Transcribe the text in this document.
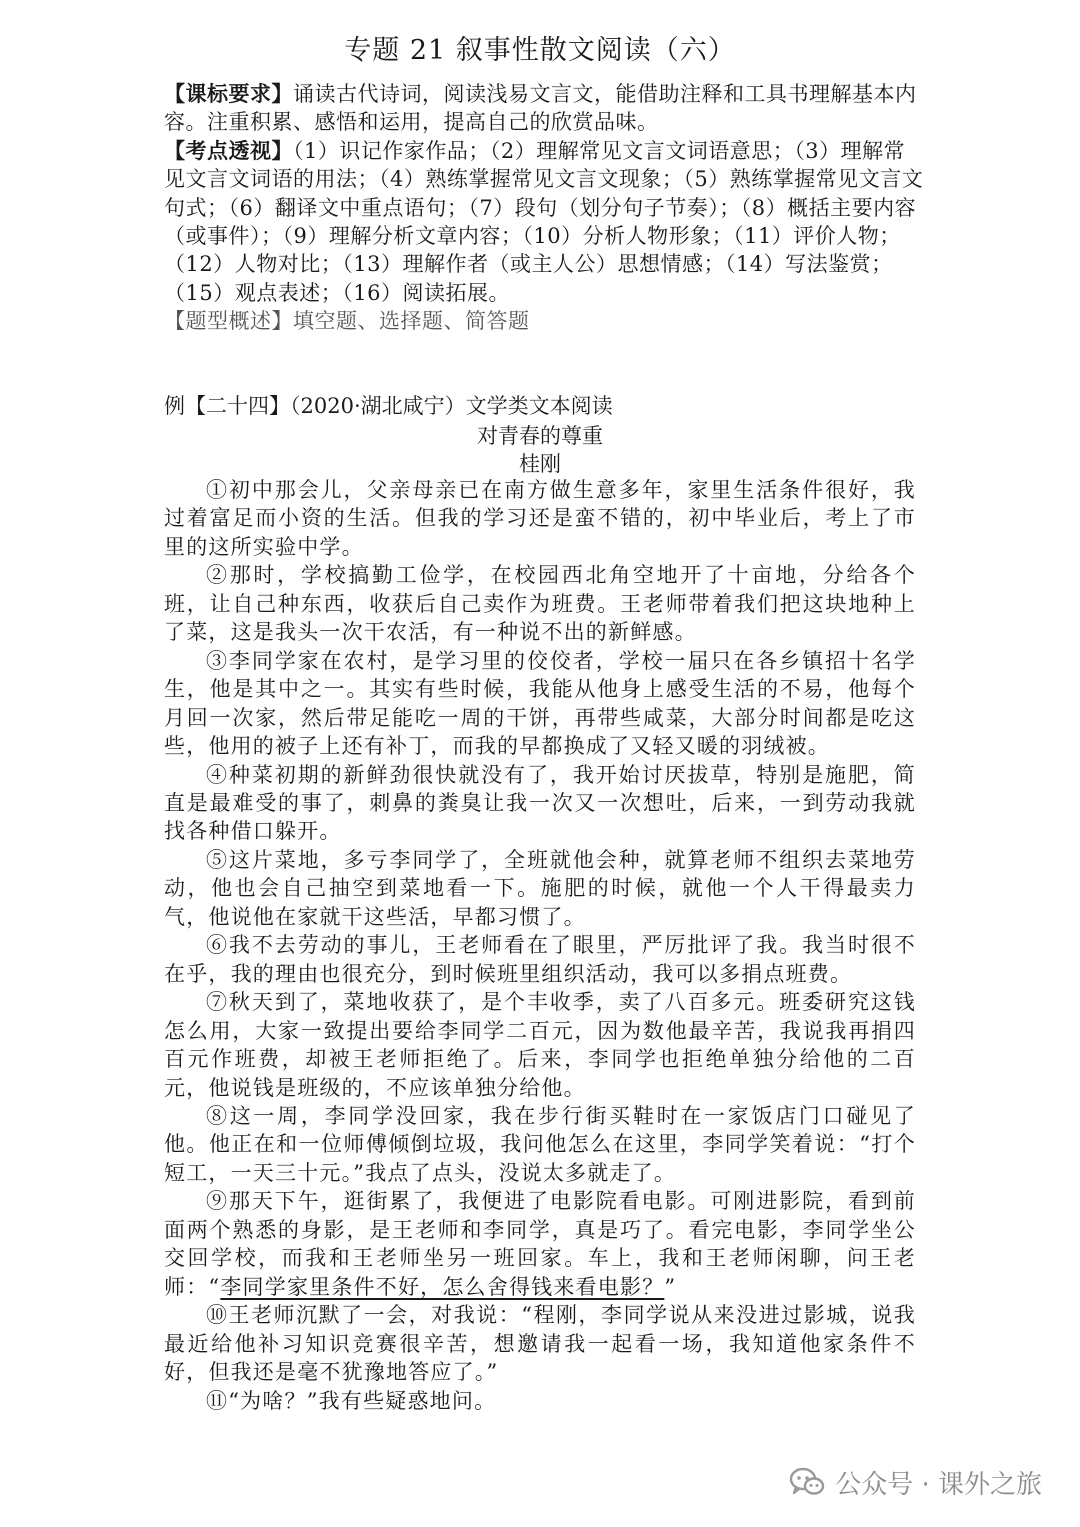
专题 21 叙事性散文阅读（六）

【课标要求】诵读古代诗词，阅读浅易文言文，能借助注释和工具书理解基本内容。注重积累、感悟和运用，提高自己的欣赏品味。

【考点透视】（1）识记作家作品；（2）理解常见文言文词语意思；（3）理解常见文言文词语的用法；（4）熟练掌握常见文言文现象；（5）熟练掌握常见文言文句式；（6）翻译文中重点语句；（7）段句（划分句子节奏）；（8）概括主要内容（或事件）；（9）理解分析文章内容；（10）分析人物形象；（11）评价人物；（12）人物对比；（13）理解作者（或主人公）思想情感；（14）写法鉴赏；（15）观点表述；（16）阅读拓展。

【题型概述】填空题、选择题、简答题

例【二十四】（2020·湖北咸宁）文学类文本阅读
对青春的尊重
桂刚

①初中那会儿，父亲母亲已在南方做生意多年，家里生活条件很好，我过着富足而小资的生活。但我的学习还是蛮不错的，初中毕业后，考上了市里的这所实验中学。

②那时，学校搞勤工俭学，在校园西北角空地开了十亩地，分给各个班，让自己种东西，收获后自己卖作为班费。王老师带着我们把这块地种上了菜，这是我头一次干农活，有一种说不出的新鲜感。

③李同学家在农村，是学习里的佼佼者，学校一届只在各乡镇招十名学生，他是其中之一。其实有些时候，我能从他身上感受生活的不易，他每个月回一次家，然后带足能吃一周的干饼，再带些咸菜，大部分时间都是吃这些，他用的被子上还有补丁，而我的早都换成了又轻又暖的羽绒被。

④种菜初期的新鲜劲很快就没有了，我开始讨厌拔草，特别是施肥，简直是最难受的事了，刺鼻的粪臭让我一次又一次想吐，后来，一到劳动我就找各种借口躲开。

⑤这片菜地，多亏李同学了，全班就他会种，就算老师不组织去菜地劳动，他也会自己抽空到菜地看一下。施肥的时候，就他一个人干得最卖力气，他说他在家就干这些活，早都习惯了。

⑥我不去劳动的事儿，王老师看在了眼里，严厉批评了我。我当时很不在乎，我的理由也很充分，到时候班里组织活动，我可以多捐点班费。

⑦秋天到了，菜地收获了，是个丰收季，卖了八百多元。班委研究这钱怎么用，大家一致提出要给李同学二百元，因为数他最辛苦，我说我再捐四百元作班费，却被王老师拒绝了。后来，李同学也拒绝单独分给他的二百元，他说钱是班级的，不应该单独分给他。

⑧这一周，李同学没回家，我在步行街买鞋时在一家饭店门口碰见了他。他正在和一位师傅倾倒垃圾，我问他怎么在这里，李同学笑着说：“打个短工，一天三十元。”我点了点头，没说太多就走了。

⑨那天下午，逛街累了，我便进了电影院看电影。可刚进影院，看到前面两个熟悉的身影，是王老师和李同学，真是巧了。看完电影，李同学坐公交回学校，而我和王老师坐另一班回家。车上，我和王老师闲聊，问王老师：“李同学家里条件不好，怎么舍得钱来看电影？”

⑩王老师沉默了一会，对我说：“程刚，李同学说从来没进过影城，说我最近给他补习知识竞赛很辛苦，想邀请我一起看一场，我知道他家条件不好，但我还是毫不犹豫地答应了。”

⑪“为啥？”我有些疑惑地问。

公众号 · 课外之旅
